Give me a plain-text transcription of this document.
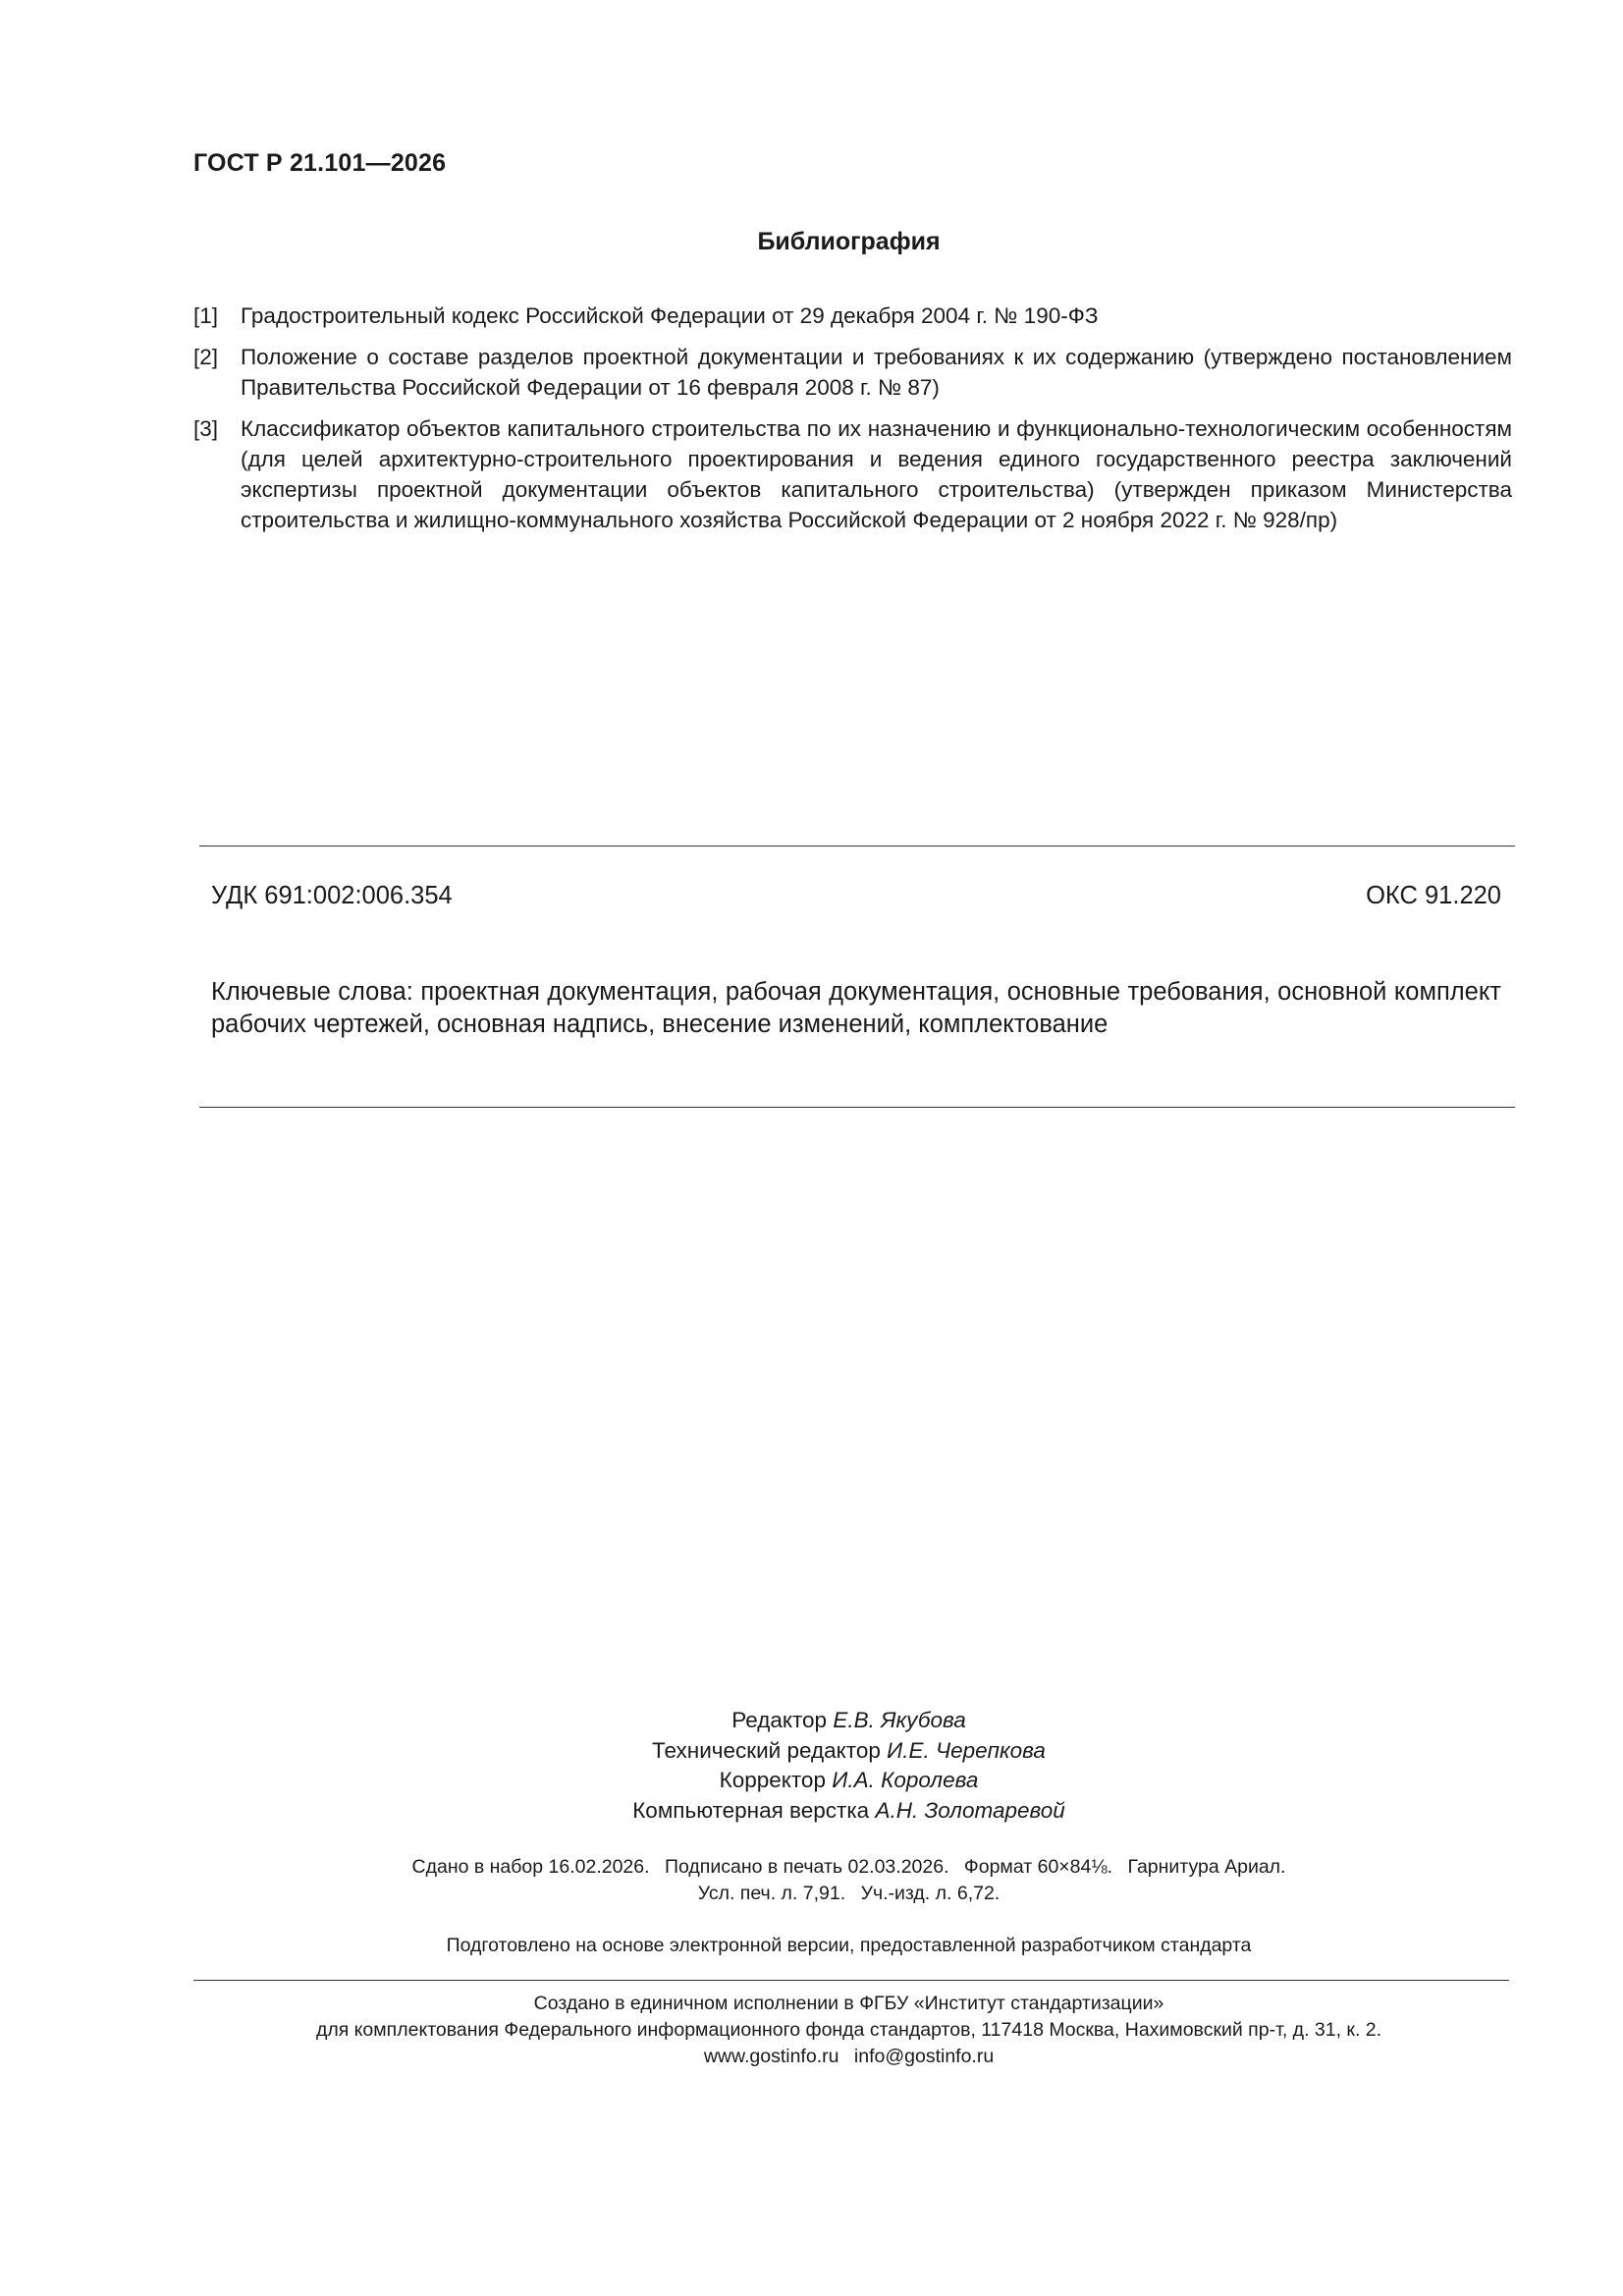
ГОСТ Р 21.101—2026
Библиография
[1]	Градостроительный кодекс Российской Федерации от 29 декабря 2004 г. № 190-ФЗ
[2]	Положение о составе разделов проектной документации и требованиях к их содержанию (утверждено постановлением Правительства Российской Федерации от 16 февраля 2008 г. № 87)
[3]	Классификатор объектов капитального строительства по их назначению и функционально-технологическим особенностям (для целей архитектурно-строительного проектирования и ведения единого государственного реестра заключений экспертизы проектной документации объектов капитального строительства) (утвержден приказом Министерства строительства и жилищно-коммунального хозяйства Российской Федерации от 2 ноября 2022 г. № 928/пр)
УДК 691:002:006.354	ОКС 91.220
Ключевые слова: проектная документация, рабочая документация, основные требования, основной комплект рабочих чертежей, основная надпись, внесение изменений, комплектование
Редактор Е.В. Якубова
Технический редактор И.Е. Черепкова
Корректор И.А. Королева
Компьютерная верстка А.Н. Золотаревой
Сдано в набор 16.02.2026. Подписано в печать 02.03.2026. Формат 60×84⅛. Гарнитура Ариал.
Усл. печ. л. 7,91. Уч.-изд. л. 6,72.
Подготовлено на основе электронной версии, предоставленной разработчиком стандарта
Создано в единичном исполнении в ФГБУ «Институт стандартизации»
для комплектования Федерального информационного фонда стандартов, 117418 Москва, Нахимовский пр-т, д. 31, к. 2.
www.gostinfo.ru info@gostinfo.ru
